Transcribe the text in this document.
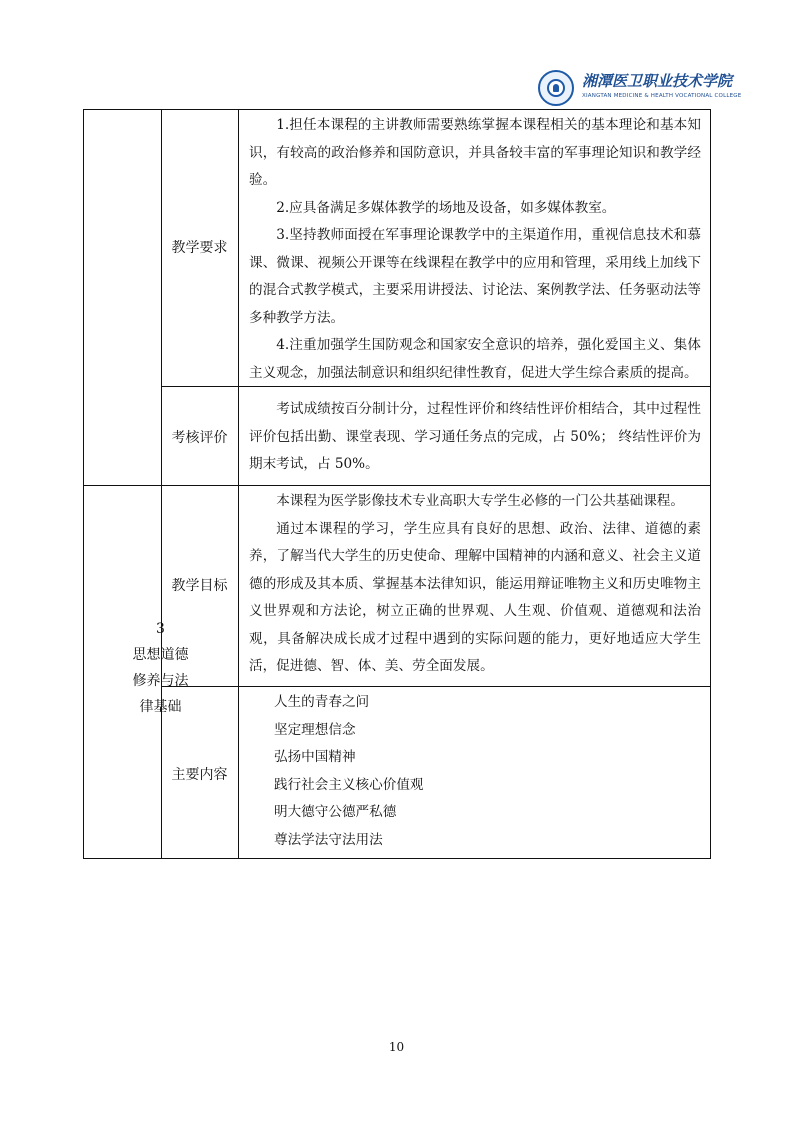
湘潭医卫职业技术学院
XIANGTAN MEDICINE & HEALTH VOCATIONAL COLLEGE
教学要求

1.担任本课程的主讲教师需要熟练掌握本课程相关的基本理论和基本知识，有较高的政治修养和国防意识，并具备较丰富的军事理论知识和教学经验。

2.应具备满足多媒体教学的场地及设备，如多媒体教室。

3.坚持教师面授在军事理论课教学中的主渠道作用，重视信息技术和慕课、微课、视频公开课等在线课程在教学中的应用和管理，采用线上加线下的混合式教学模式，主要采用讲授法、讨论法、案例教学法、任务驱动法等多种教学方法。

4.注重加强学生国防观念和国家安全意识的培养，强化爱国主义、集体主义观念，加强法制意识和组织纪律性教育，促进大学生综合素质的提高。

考核评价

考试成绩按百分制计分，过程性评价和终结性评价相结合，其中过程性评价包括出勤、课堂表现、学习通任务点的完成，占 50%； 终结性评价为期末考试，占 50%。

3
思想道德
修养与法
律基础
教学目标

本课程为医学影像技术专业高职大专学生必修的一门公共基础课程。

通过本课程的学习，学生应具有良好的思想、政治、法律、道德的素养，了解当代大学生的历史使命、理解中国精神的内涵和意义、社会主义道德的形成及其本质、掌握基本法律知识，能运用辩证唯物主义和历史唯物主义世界观和方法论，树立正确的世界观、人生观、价值观、道德观和法治观，具备解决成长成才过程中遇到的实际问题的能力，更好地适应大学生活，促进德、智、体、美、劳全面发展。

主要内容
人生的青春之问
坚定理想信念
弘扬中国精神
践行社会主义核心价值观
明大德守公德严私德
尊法学法守法用法
10
